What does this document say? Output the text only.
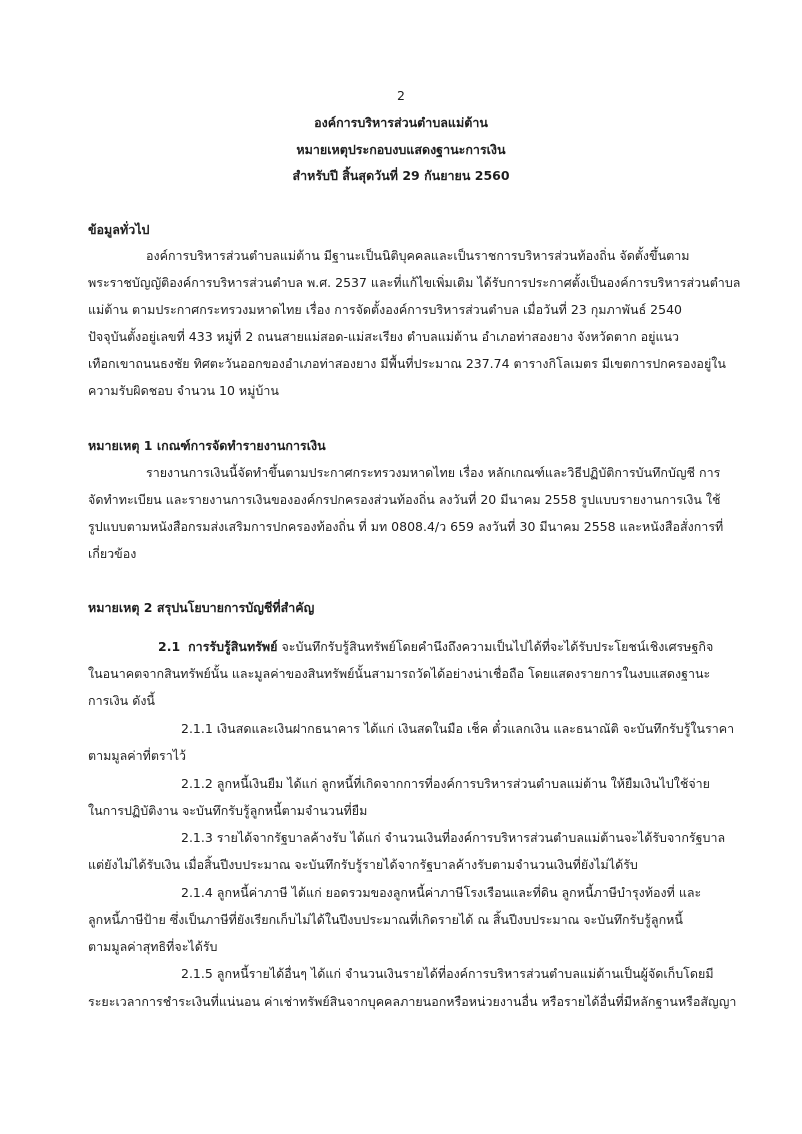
2
องค์การบริหารส่วนตำบลแม่ต้าน
หมายเหตุประกอบงบแสดงฐานะการเงิน
สำหรับปี สิ้นสุดวันที่ 29 กันยายน 2560
ข้อมูลทั่วไป
องค์การบริหารส่วนตำบลแม่ต้าน มีฐานะเป็นนิติบุคคลและเป็นราชการบริหารส่วนท้องถิ่น จัดตั้งขึ้นตาม
พระราชบัญญัติองค์การบริหารส่วนตำบล พ.ศ. 2537 และที่แก้ไขเพิ่มเติม ได้รับการประกาศตั้งเป็นองค์การบริหารส่วนตำบล
แม่ต้าน ตามประกาศกระทรวงมหาดไทย เรื่อง การจัดตั้งองค์การบริหารส่วนตำบล เมื่อวันที่ 23 กุมภาพันธ์ 2540
ปัจจุบันตั้งอยู่เลขที่ 433 หมู่ที่ 2 ถนนสายแม่สอด-แม่สะเรียง ตำบลแม่ต้าน อำเภอท่าสองยาง จังหวัดตาก อยู่แนว
เทือกเขาถนนธงชัย ทิศตะวันออกของอำเภอท่าสองยาง มีพื้นที่ประมาณ 237.74 ตารางกิโลเมตร มีเขตการปกครองอยู่ใน
ความรับผิดชอบ จำนวน 10 หมู่บ้าน
หมายเหตุ 1 เกณฑ์การจัดทำรายงานการเงิน
รายงานการเงินนี้จัดทำขึ้นตามประกาศกระทรวงมหาดไทย เรื่อง หลักเกณฑ์และวิธีปฏิบัติการบันทึกบัญชี การ
จัดทำทะเบียน และรายงานการเงินขององค์กรปกครองส่วนท้องถิ่น ลงวันที่ 20 มีนาคม 2558 รูปแบบรายงานการเงิน ใช้
รูปแบบตามหนังสือกรมส่งเสริมการปกครองท้องถิ่น ที่ มท 0808.4/ว 659 ลงวันที่ 30 มีนาคม 2558 และหนังสือสั่งการที่
เกี่ยวข้อง
หมายเหตุ 2 สรุปนโยบายการบัญชีที่สำคัญ
2.1 การรับรู้สินทรัพย์ จะบันทึกรับรู้สินทรัพย์โดยคำนึงถึงความเป็นไปได้ที่จะได้รับประโยชน์เชิงเศรษฐกิจ
ในอนาคตจากสินทรัพย์นั้น และมูลค่าของสินทรัพย์นั้นสามารถวัดได้อย่างน่าเชื่อถือ โดยแสดงรายการในงบแสดงฐานะ
การเงิน ดังนี้
2.1.1 เงินสดและเงินฝากธนาคาร ได้แก่ เงินสดในมือ เช็ค ตั๋วแลกเงิน และธนาณัติ จะบันทึกรับรู้ในราคา
ตามมูลค่าที่ตราไว้
2.1.2 ลูกหนี้เงินยืม ได้แก่ ลูกหนี้ที่เกิดจากการที่องค์การบริหารส่วนตำบลแม่ต้าน ให้ยืมเงินไปใช้จ่าย
ในการปฏิบัติงาน จะบันทึกรับรู้ลูกหนี้ตามจำนวนที่ยืม
2.1.3 รายได้จากรัฐบาลค้างรับ ได้แก่ จำนวนเงินที่องค์การบริหารส่วนตำบลแม่ต้านจะได้รับจากรัฐบาล
แต่ยังไม่ได้รับเงิน เมื่อสิ้นปีงบประมาณ จะบันทึกรับรู้รายได้จากรัฐบาลค้างรับตามจำนวนเงินที่ยังไม่ได้รับ
2.1.4 ลูกหนี้ค่าภาษี ได้แก่ ยอดรวมของลูกหนี้ค่าภาษีโรงเรือนและที่ดิน ลูกหนี้ภาษีบำรุงท้องที่ และ
ลูกหนี้ภาษีป้าย ซึ่งเป็นภาษีที่ยังเรียกเก็บไม่ได้ในปีงบประมาณที่เกิดรายได้ ณ สิ้นปีงบประมาณ จะบันทึกรับรู้ลูกหนี้
ตามมูลค่าสุทธิที่จะได้รับ
2.1.5 ลูกหนี้รายได้อื่นๆ ได้แก่ จำนวนเงินรายได้ที่องค์การบริหารส่วนตำบลแม่ต้านเป็นผู้จัดเก็บโดยมี
ระยะเวลาการชำระเงินที่แน่นอน ค่าเช่าทรัพย์สินจากบุคคลภายนอกหรือหน่วยงานอื่น หรือรายได้อื่นที่มีหลักฐานหรือสัญญา
